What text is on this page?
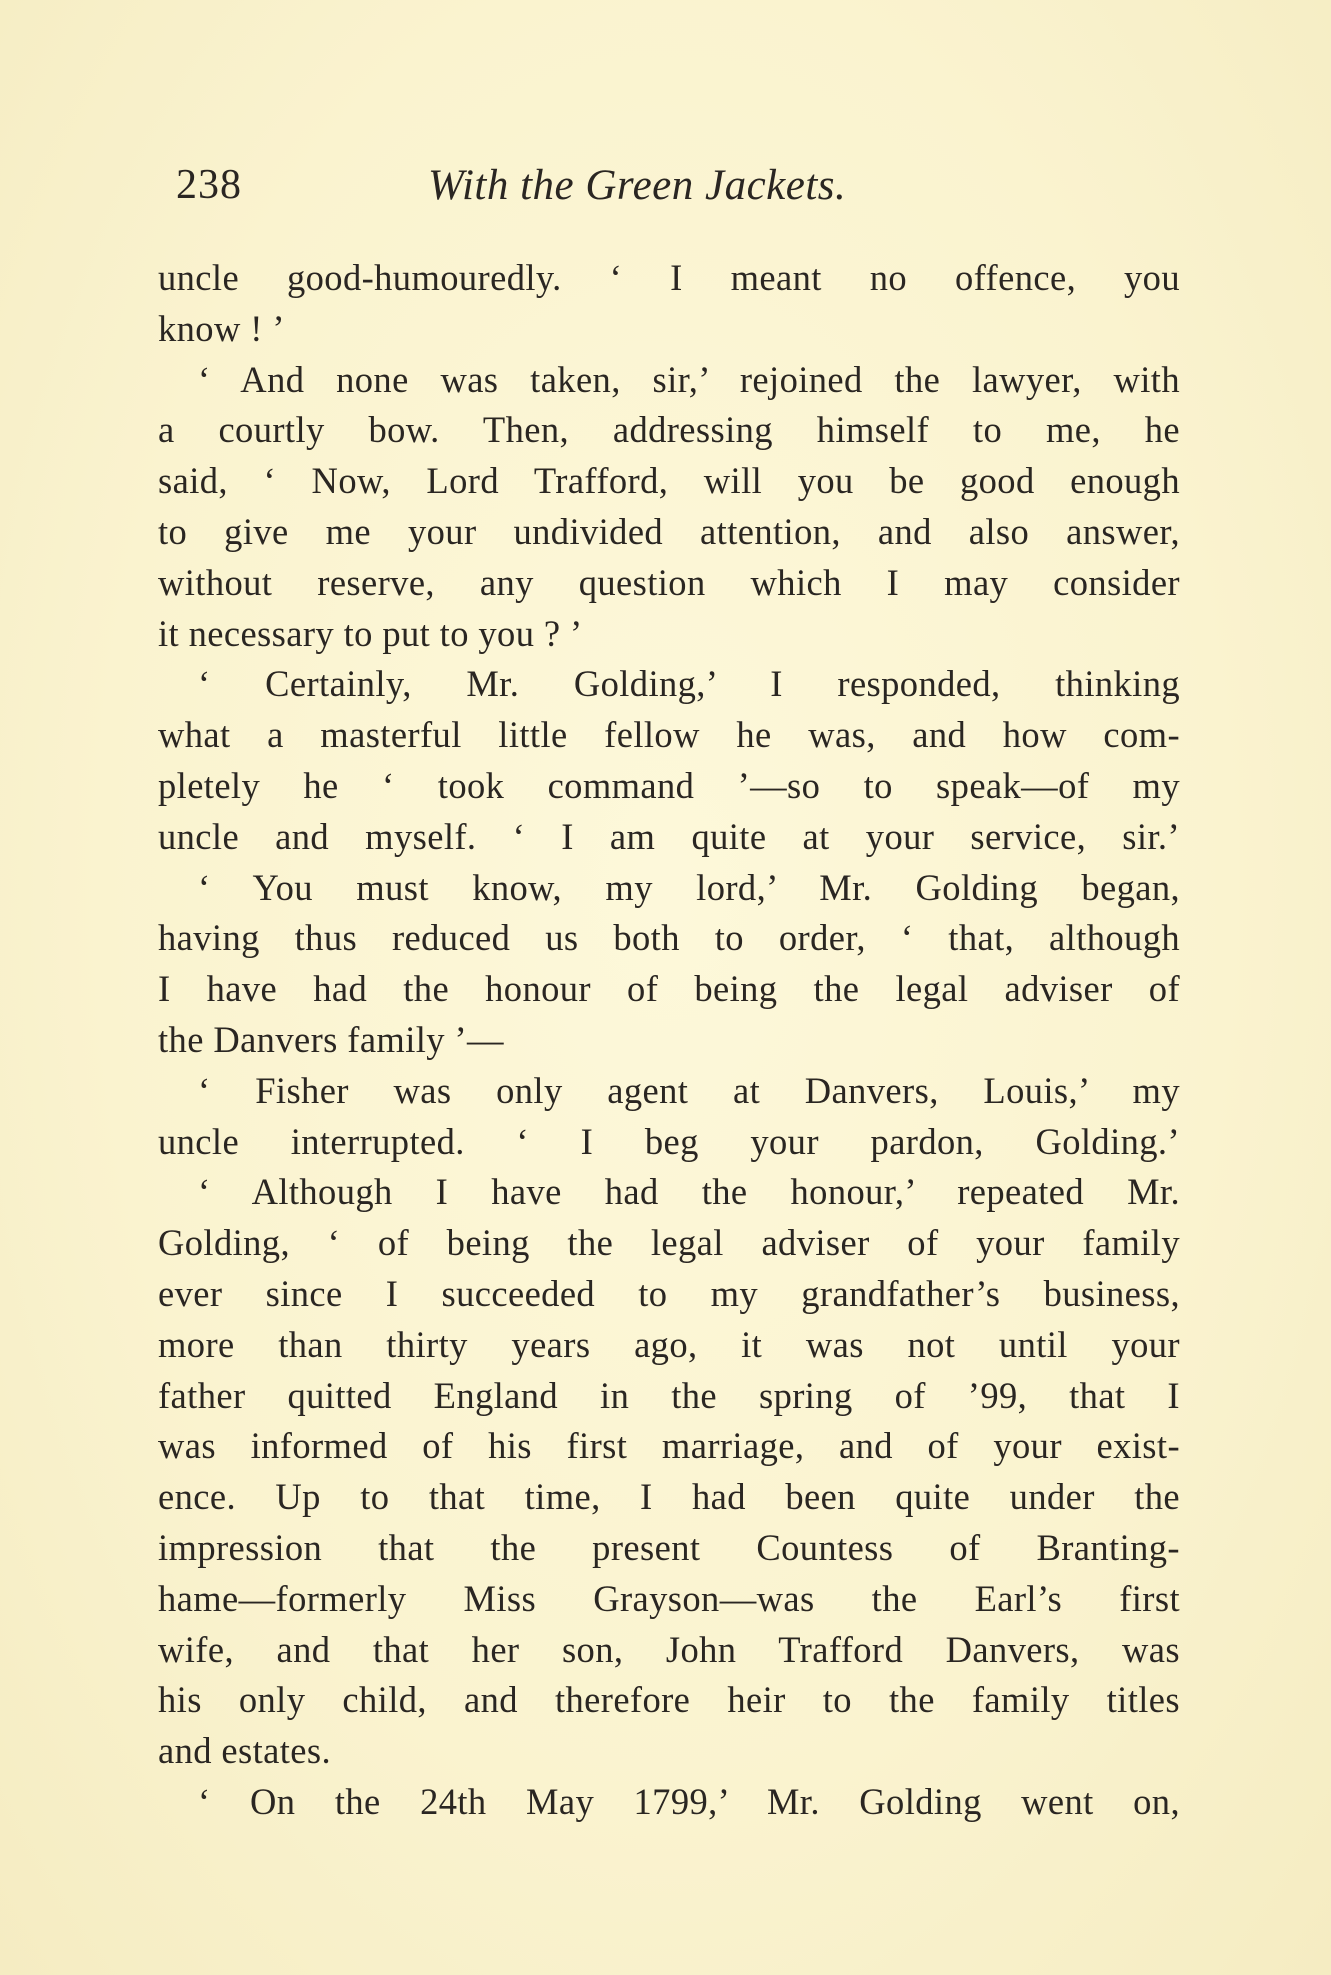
238	With the Green Jackets.
uncle good-humouredly. ‘ I meant no offence, you
know ! ’
‘ And none was taken, sir,’ rejoined the lawyer, with
a courtly bow. Then, addressing himself to me, he
said, ‘ Now, Lord Trafford, will you be good enough
to give me your undivided attention, and also answer,
without reserve, any question which I may consider
it necessary to put to you ? ’
‘ Certainly, Mr. Golding,’ I responded, thinking
what a masterful little fellow he was, and how com-
pletely he ‘ took command ’—so to speak—of my
uncle and myself. ‘ I am quite at your service, sir.’
‘ You must know, my lord,’ Mr. Golding began,
having thus reduced us both to order, ‘ that, although
I have had the honour of being the legal adviser of
the Danvers family ’—
‘ Fisher was only agent at Danvers, Louis,’ my
uncle interrupted. ‘ I beg your pardon, Golding.’
‘ Although I have had the honour,’ repeated Mr.
Golding, ‘ of being the legal adviser of your family
ever since I succeeded to my grandfather’s business,
more than thirty years ago, it was not until your
father quitted England in the spring of ’99, that I
was informed of his first marriage, and of your exist-
ence. Up to that time, I had been quite under the
impression that the present Countess of Branting-
hame—formerly Miss Grayson—was the Earl’s first
wife, and that her son, John Trafford Danvers, was
his only child, and therefore heir to the family titles
and estates.
‘ On the 24th May 1799,’ Mr. Golding went on,
